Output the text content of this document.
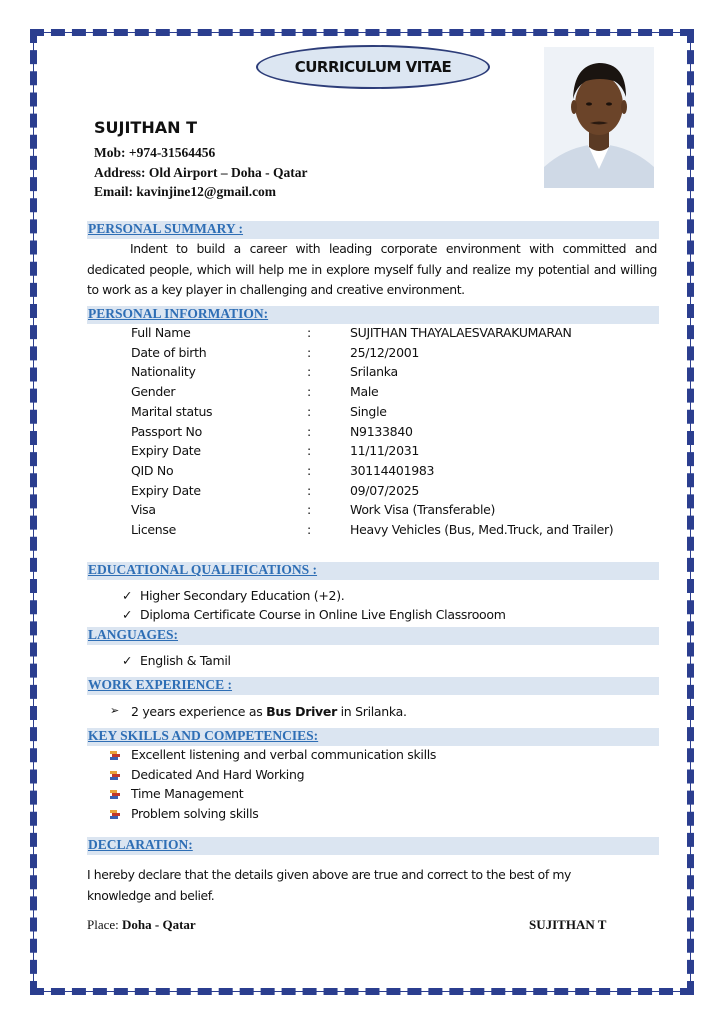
CURRICULUM VITAE
SUJITHAN T
Mob: +974-31564456
Address: Old Airport – Doha - Qatar
Email: kavinjine12@gmail.com
PERSONAL SUMMARY :
Indent to build a career with leading corporate environment with committed and dedicated people, which will help me in explore myself fully and realize my potential and willing to work as a key player in challenging and creative environment.
PERSONAL INFORMATION:
Full Name	:	SUJITHAN THAYALAESVARAKUMARAN
Date of birth	:	25/12/2001
Nationality	:	Srilanka
Gender	:	Male
Marital status	:	Single
Passport No	:	N9133840
Expiry Date	:	11/11/2031
QID No	:	30114401983
Expiry Date	:	09/07/2025
Visa	:	Work Visa (Transferable)
License	:	Heavy Vehicles (Bus, Med.Truck, and Trailer)
EDUCATIONAL QUALIFICATIONS :
✓ Higher Secondary Education (+2).
✓ Diploma Certificate Course in Online Live English Classrooom
LANGUAGES:
✓ English & Tamil
WORK EXPERIENCE :
➢ 2 years experience as Bus Driver in Srilanka.
KEY SKILLS AND COMPETENCIES:
Excellent listening and verbal communication skills
Dedicated And Hard Working
Time Management
Problem solving skills
DECLARATION:
I hereby declare that the details given above are true and correct to the best of my knowledge and belief.
Place: Doha - Qatar	SUJITHAN T
